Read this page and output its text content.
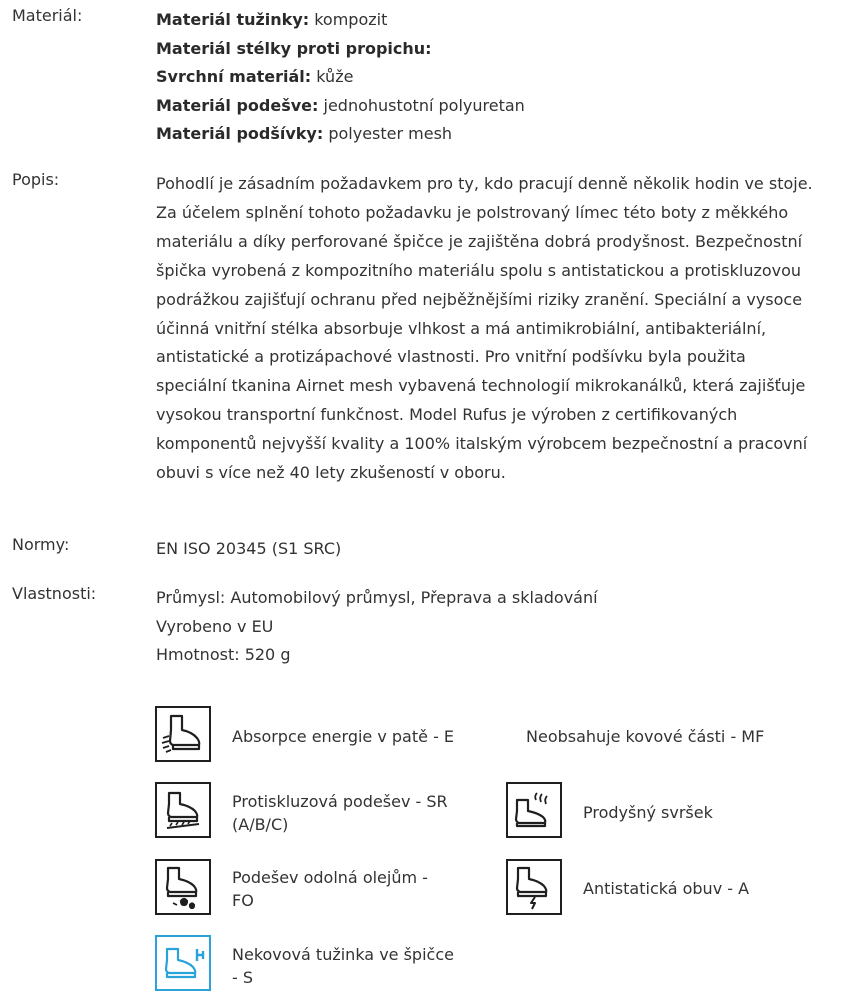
Materiál:	Materiál tužinky: kompozit
Materiál stélky proti propichu:
Svrchní materiál: kůže
Materiál podešve: jednohustotní polyuretan
Materiál podšívky: polyester mesh
Popis:	Pohodlí je zásadním požadavkem pro ty, kdo pracují denně několik hodin ve stoje. Za účelem splnění tohoto požadavku je polstrovaný límec této boty z měkkého materiálu a díky perforované špičce je zajištěna dobrá prodyšnost. Bezpečnostní špička vyrobená z kompozitního materiálu spolu s antistatickou a protiskluzovou podrážkou zajišťují ochranu před nejběžnějšími riziky zranění. Speciální a vysoce účinná vnitřní stélka absorbuje vlhkost a má antimikrobiální, antibakteriální, antistatické a protizápachové vlastnosti. Pro vnitřní podšívku byla použita speciální tkanina Airnet mesh vybavená technologií mikrokanálků, která zajišťuje vysokou transportní funkčnost. Model Rufus je výroben z certifikovaných komponentů nejvyšší kvality a 100% italským výrobcem bezpečnostní a pracovní obuvi s více než 40 lety zkušeností v oboru.

Normy:	EN ISO 20345 (S1 SRC)
Vlastnosti:	Průmysl: Automobilový průmysl, Přeprava a skladování
Vyrobeno v EU
Hmotnost: 520 g
Absorpce energie v patě - E	Neobsahuje kovové části - MF
Protiskluzová podešev - SR
(A/B/C)
Prodyšný svršek
Podešev odolná olejům -
FO
Antistatická obuv - A
Nekovová tužinka ve špičce
- S
